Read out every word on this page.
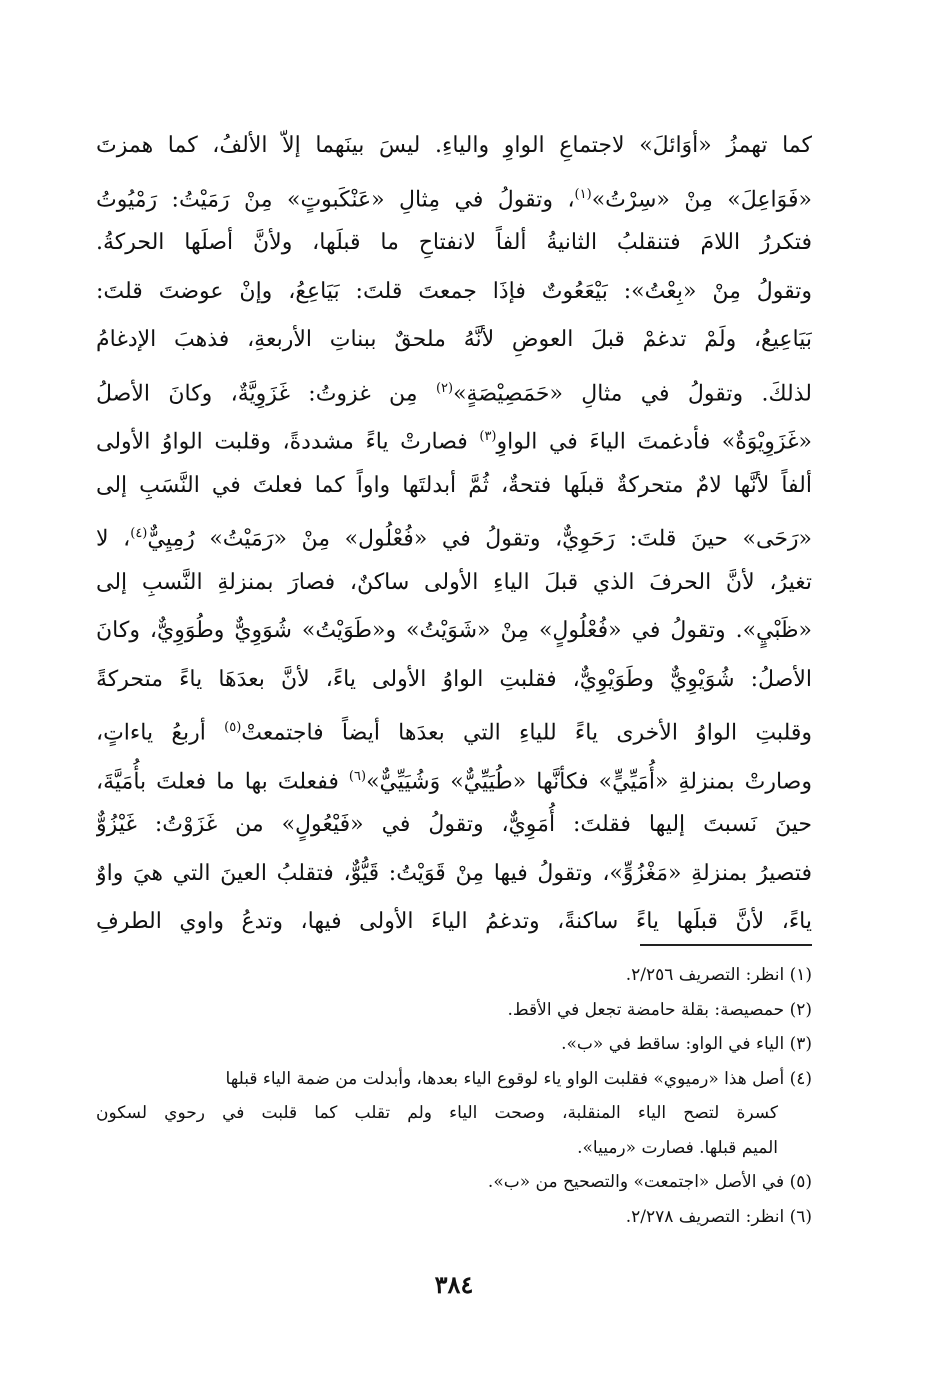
كما تهمزُ «أوَائلَ» لاجتماعِ الواوِ والياءِ. ليسَ بينَهما إلاّ الألفُ، كما همزتَ
«فَوَاعِلَ» مِنْ «سِرْتُ»$^{(١)}$، وتقولُ في مِثالِ «عَنْكَبوتٍ» مِنْ رَمَيْتُ: رَمْيُوتُ
فتكررُ اللامَ فتنقلبُ الثانيةُ ألفاً لانفتاحِ ما قبلَها، ولأنَّ أصلَها الحركةُ.
وتقولُ مِنْ «بِعْتُ»: بَيْعَعُوتٌ فإذَا جمعتَ قلتَ: بَيَاعِعُ، وإنْ عوضتَ قلتَ:
بَيَاعِيعُ، ولَمْ تدغمْ قبلَ العوضِ لأنَّهُ ملحقٌ ببناتِ الأربعةِ، فذهبَ الإدغامُ
لذلكَ. وتقولُ في مثالِ «حَمَصِيْصَةٍ»$^{(٢)}$ مِن غزوتُ: غَزَوِيَّةٌ، وكانَ الأصلُ
«غَزَوِيْوَةٌ» فأدغمتَ الياءَ في الواوِ$^{(٣)}$ فصارتْ ياءً مشددةً، وقلبت الواوُ الأولى
ألفاً لأنَّها لامٌ متحركةٌ قبلَها فتحةٌ، ثُمَّ أبدلتَها واواً كما فعلتَ في النَّسَبِ إلى
«رَحَى» حينَ قلتَ: رَحَوِيٌّ، وتقولُ في «فُعْلُول» مِنْ «رَمَيْتُ» رُمِيِيٌّ$^{(٤)}$، لا
تغيرُ، لأنَّ الحرفَ الذي قبلَ الياءِ الأولى ساكنٌ، فصارَ بمنزلةِ النَّسبِ إلى
«ظَبْيٍ». وتقولُ في «فُعْلُولٍ» مِنْ «شَوَيْتُ» و«طَوَيْتُ» شُوَوِيٌّ وطُوَوِيٌّ، وكانَ
الأصلُ: شُوَيْوِيٌّ وطَوَيْوِيٌّ، فقلبتِ الواوُ الأولى ياءً، لأنَّ بعدَهَا ياءً متحركةً
وقلبتِ الواوُ الأخرى ياءً للياءِ التي بعدَها أيضاً فاجتمعتْ$^{(٥)}$ أربعُ ياءاتٍ،
وصارتْ بمنزلةِ «أُمَيِّيٍّ» فكأنَّها «طُيَيِّيٌّ» وَشُيَيِّيٌّ»$^{(٦)}$ ففعلتَ بها ما فعلتَ بأُمَيَّةَ،
حينَ نَسبتَ إليها فقلتَ: أُمَوِيٌّ، وتقولُ في «فَيْعُولٍ» من غَزَوْتُ: غَيْزُوٌّ
فتصيرُ بمنزلةِ «مَغْزُوٍّ»، وتقولُ فيها مِنْ قَوَيْتُ: قَيُّوٌّ، فتقلبُ العينَ التي هيَ واوٌ
ياءً، لأنَّ قبلَها ياءً ساكنةً، وتدغمُ الياءَ الأولى فيها، وتدعُ واوي الطرفِ
(١) انظر: التصريف ٢/٢٥٦.
(٢) حمصيصة: بقلة حامضة تجعل في الأقط.
(٣) الياء في الواو: ساقط في «ب».
(٤) أصل هذا «رميوي» فقلبت الواو ياء لوقوع الياء بعدها، وأبدلت من ضمة الياء قبلها
كسرة لتصح الياء المنقلبة، وصحت الياء ولم تقلب كما قلبت في رحوي لسكون
الميم قبلها. فصارت «رمييا».
(٥) في الأصل «اجتمعت» والتصحيح من «ب».
(٦) انظر: التصريف ٢/٢٧٨.
٣٨٤
